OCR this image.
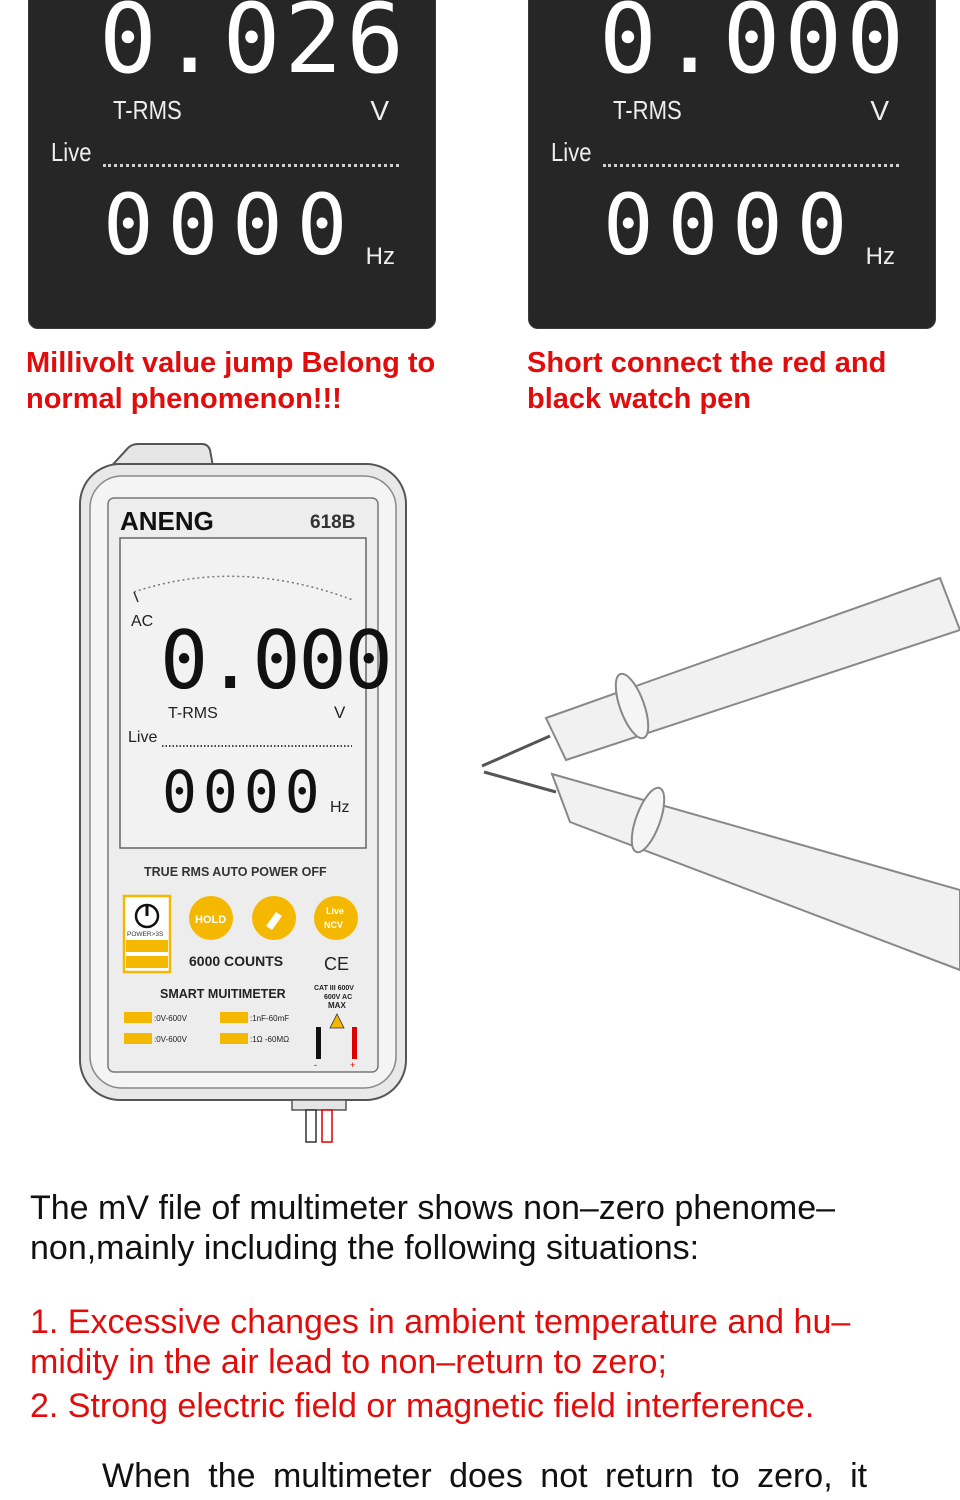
0.026
T-RMS	V
Live
0000 Hz
0.000
T-RMS	V
Live
0000 Hz
Millivolt value jump Belong to
normal phenomenon!!!
Short connect the red and
black watch pen
ANENG	618B
AC 0.000
T-RMS	V
Live
0000 Hz
TRUE RMS AUTO POWER OFF
POWER>3S
HOLD
Live
NCV
6000 COUNTS CE
SMART MUITIMETER	CAT III 600V
600V AC
MAX
:0V-600V	:1nF-60mF
:0V-600V	:1Ω -60MΩ
-	+
The mV file of multimeter shows non–zero phenome–
non,mainly including the following situations:
1. Excessive changes in ambient temperature and hu–
midity in the air lead to non–return to zero;
2. Strong electric field or magnetic field interference.
When the multimeter does not return to zero, it
